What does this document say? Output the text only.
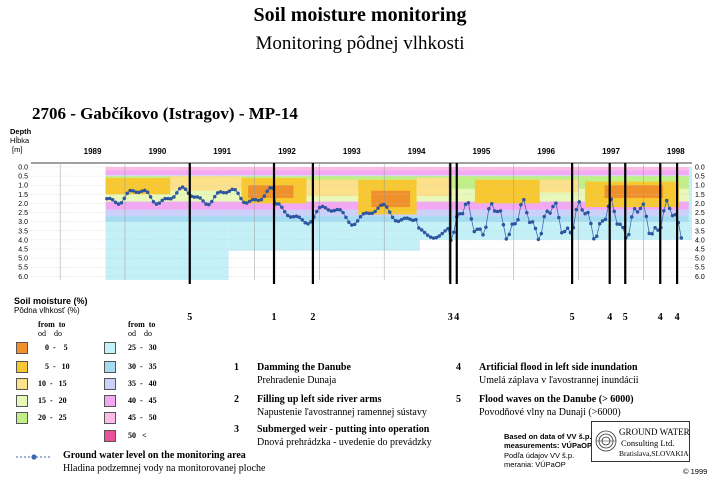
Soil moisture monitoring
Monitoring pôdnej vlhkosti
2706 - Gabčíkovo (Istragov) - MP-14
Depth
Hĺbka
[m]
5	1	2	3 4	5	4 5	4 4
1989	1990	1991	1992	1993	1994	1995	1996	1997	1998
0.0
0.5
1.0
1.5
2.0
2.5
3.0
3.5
4.0
4.5
5.0
5.5
6.0
0.0
0.5
1.0
1.5
2.0
2.5
3.0
3.5
4.0
4.5
5.0
5.5
6.0
Soil moisture (%)
Pôdna vlhkosť (%)
from  to
od    do
from  to
od    do
0  -    5
5  -   10
10  -   15
15  -   20
20  -   25
25  -   30
30  -   35
35  -   40
40  -   45
45  -   50
50   <
Ground water level on the monitoring area
Hladina podzemnej vody na monitorovanej ploche
1 Damming the Danube
Prehradenie Dunaja
2 Filling up left side river arms
Napustenie ľavostrannej ramennej sústavy
3 Submerged weir - putting into operation
Dnová prehrádzka - uvedenie do prevádzky
4 Artificial flood in left side inundation
Umelá záplava v ľavostrannej inundácii
5 Flood waves on the Danube (> 6000)
Povodňové vlny na Dunaji (>6000)
Based on data of VV š.p.
measurements: VÚPaOP
Podľa údajov VV š.p.
merania: VÚPaOP
GROUND WATER
Consulting Ltd.
Bratislava,SLOVAKIA
© 1999
